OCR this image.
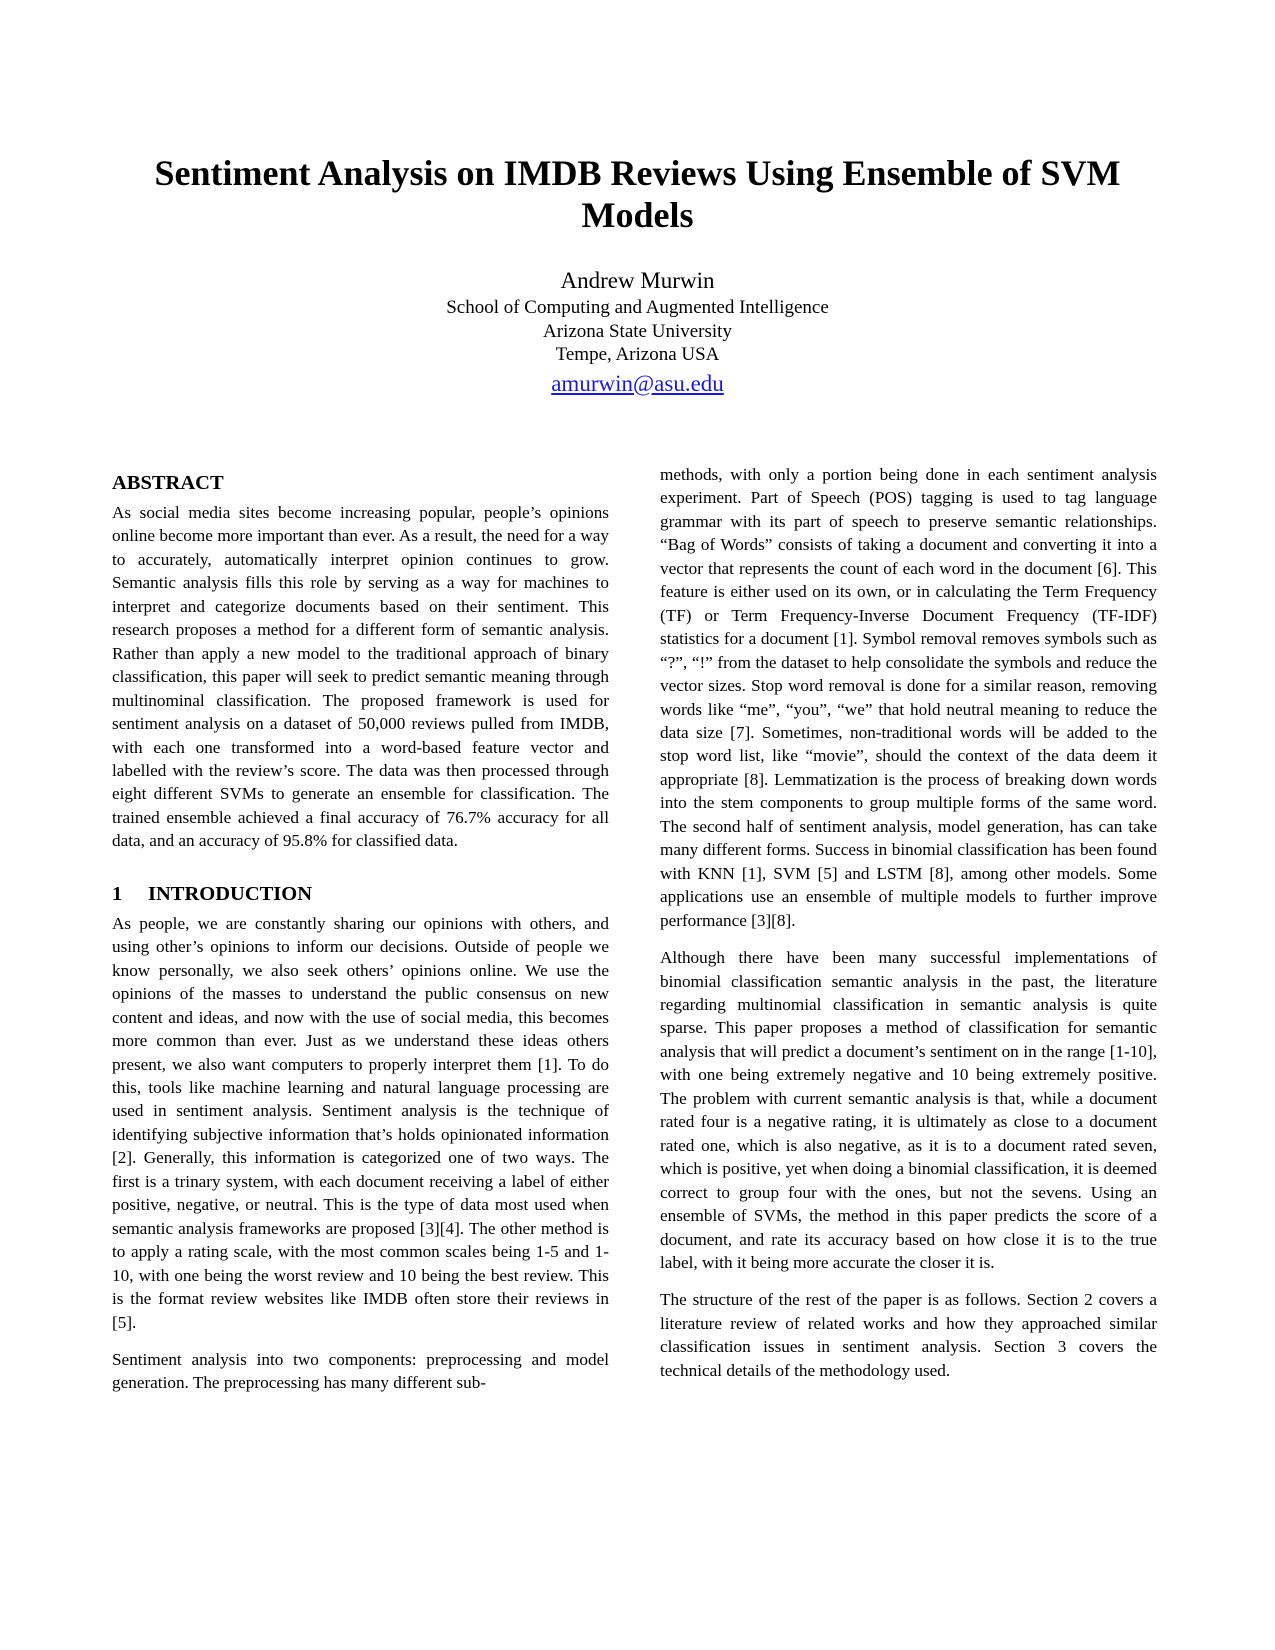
Sentiment Analysis on IMDB Reviews Using Ensemble of SVM Models
Andrew Murwin
School of Computing and Augmented Intelligence
Arizona State University
Tempe, Arizona USA
amurwin@asu.edu
ABSTRACT

As social media sites become increasing popular, people’s opinions online become more important than ever. As a result, the need for a way to accurately, automatically interpret opinion continues to grow. Semantic analysis fills this role by serving as a way for machines to interpret and categorize documents based on their sentiment. This research proposes a method for a different form of semantic analysis. Rather than apply a new model to the traditional approach of binary classification, this paper will seek to predict semantic meaning through multinominal classification. The proposed framework is used for sentiment analysis on a dataset of 50,000 reviews pulled from IMDB, with each one transformed into a word-based feature vector and labelled with the review’s score. The data was then processed through eight different SVMs to generate an ensemble for classification. The trained ensemble achieved a final accuracy of 76.7% accuracy for all data, and an accuracy of 95.8% for classified data.

1 INTRODUCTION

As people, we are constantly sharing our opinions with others, and using other’s opinions to inform our decisions. Outside of people we know personally, we also seek others’ opinions online. We use the opinions of the masses to understand the public consensus on new content and ideas, and now with the use of social media, this becomes more common than ever. Just as we understand these ideas others present, we also want computers to properly interpret them [1]. To do this, tools like machine learning and natural language processing are used in sentiment analysis. Sentiment analysis is the technique of identifying subjective information that’s holds opinionated information [2]. Generally, this information is categorized one of two ways. The first is a trinary system, with each document receiving a label of either positive, negative, or neutral. This is the type of data most used when semantic analysis frameworks are proposed [3][4]. The other method is to apply a rating scale, with the most common scales being 1-5 and 1-10, with one being the worst review and 10 being the best review. This is the format review websites like IMDB often store their reviews in [5].

Sentiment analysis into two components: preprocessing and model generation. The preprocessing has many different sub-

methods, with only a portion being done in each sentiment analysis experiment. Part of Speech (POS) tagging is used to tag language grammar with its part of speech to preserve semantic relationships. “Bag of Words” consists of taking a document and converting it into a vector that represents the count of each word in the document [6]. This feature is either used on its own, or in calculating the Term Frequency (TF) or Term Frequency-Inverse Document Frequency (TF-IDF) statistics for a document [1]. Symbol removal removes symbols such as “?”, “!” from the dataset to help consolidate the symbols and reduce the vector sizes. Stop word removal is done for a similar reason, removing words like “me”, “you”, “we” that hold neutral meaning to reduce the data size [7]. Sometimes, non-traditional words will be added to the stop word list, like “movie”, should the context of the data deem it appropriate [8]. Lemmatization is the process of breaking down words into the stem components to group multiple forms of the same word. The second half of sentiment analysis, model generation, has can take many different forms. Success in binomial classification has been found with KNN [1], SVM [5] and LSTM [8], among other models. Some applications use an ensemble of multiple models to further improve performance [3][8].

Although there have been many successful implementations of binomial classification semantic analysis in the past, the literature regarding multinomial classification in semantic analysis is quite sparse. This paper proposes a method of classification for semantic analysis that will predict a document’s sentiment on in the range [1-10], with one being extremely negative and 10 being extremely positive. The problem with current semantic analysis is that, while a document rated four is a negative rating, it is ultimately as close to a document rated one, which is also negative, as it is to a document rated seven, which is positive, yet when doing a binomial classification, it is deemed correct to group four with the ones, but not the sevens. Using an ensemble of SVMs, the method in this paper predicts the score of a document, and rate its accuracy based on how close it is to the true label, with it being more accurate the closer it is.

The structure of the rest of the paper is as follows. Section 2 covers a literature review of related works and how they approached similar classification issues in sentiment analysis. Section 3 covers the technical details of the methodology used.
